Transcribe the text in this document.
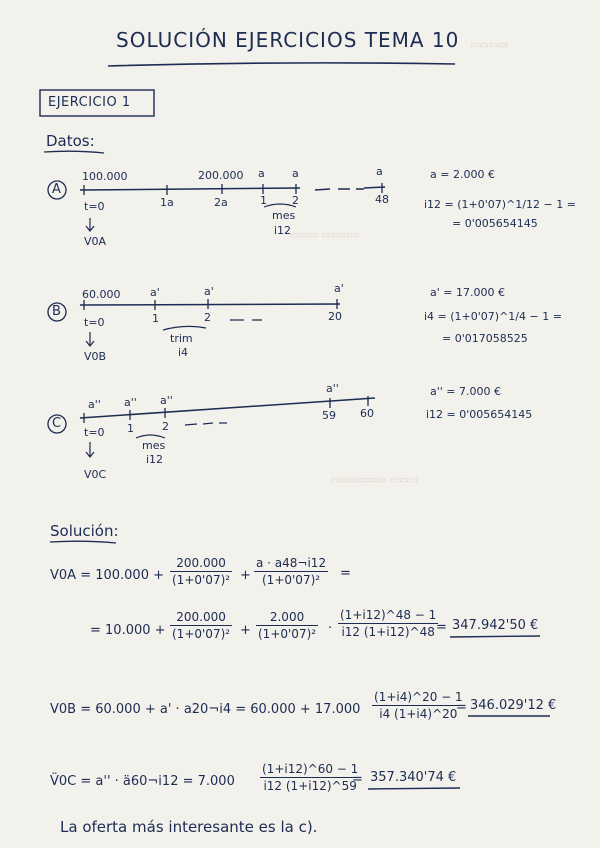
▭▭▭▭
▭▭▭ ▭▭▭▭
▭▭▭▭▭▭ ▭▭▭
SOLUCIÓN EJERCICIOS TEMA 10
EJERCICIO 1
Datos:
A
100.000	200.000 a a	a
t=0	1a	2a	1 2	48
mes
i12
V0A
a = 2.000 €
i12 = (1+0'07)^1/12 − 1 =
= 0'005654145
B
60.000	a'	a'	a'
t=0	1	2	20
trim
i4
V0B
a' = 17.000 €
i4 = (1+0'07)^1/4 − 1 =
= 0'017058525
C
a'' a'' a''
a''
t=0 1	2
59 60
mes
i12
V0C
a'' = 7.000 €
i12 = 0'005654145
Solución:
V0A = 100.000 +
200.000
(1+0'07)² +
a · a48¬i12
(1+0'07)² =
= 10.000 +
200.000
(1+0'07)² +
2.000
(1+0'07)² ·
(1+i12)^48 − 1
i12 (1+i12)^48 = 347.942'50 €
V0B = 60.000 + a' · a20¬i4 = 60.000 + 17.000
(1+i4)^20 − 1
i4 (1+i4)^20
= 346.029'12 €
V̈0C = a'' · ä60¬i12 = 7.000
(1+i12)^60 − 1
i12 (1+i12)^59
= 357.340'74 €
La oferta más interesante es la c).
